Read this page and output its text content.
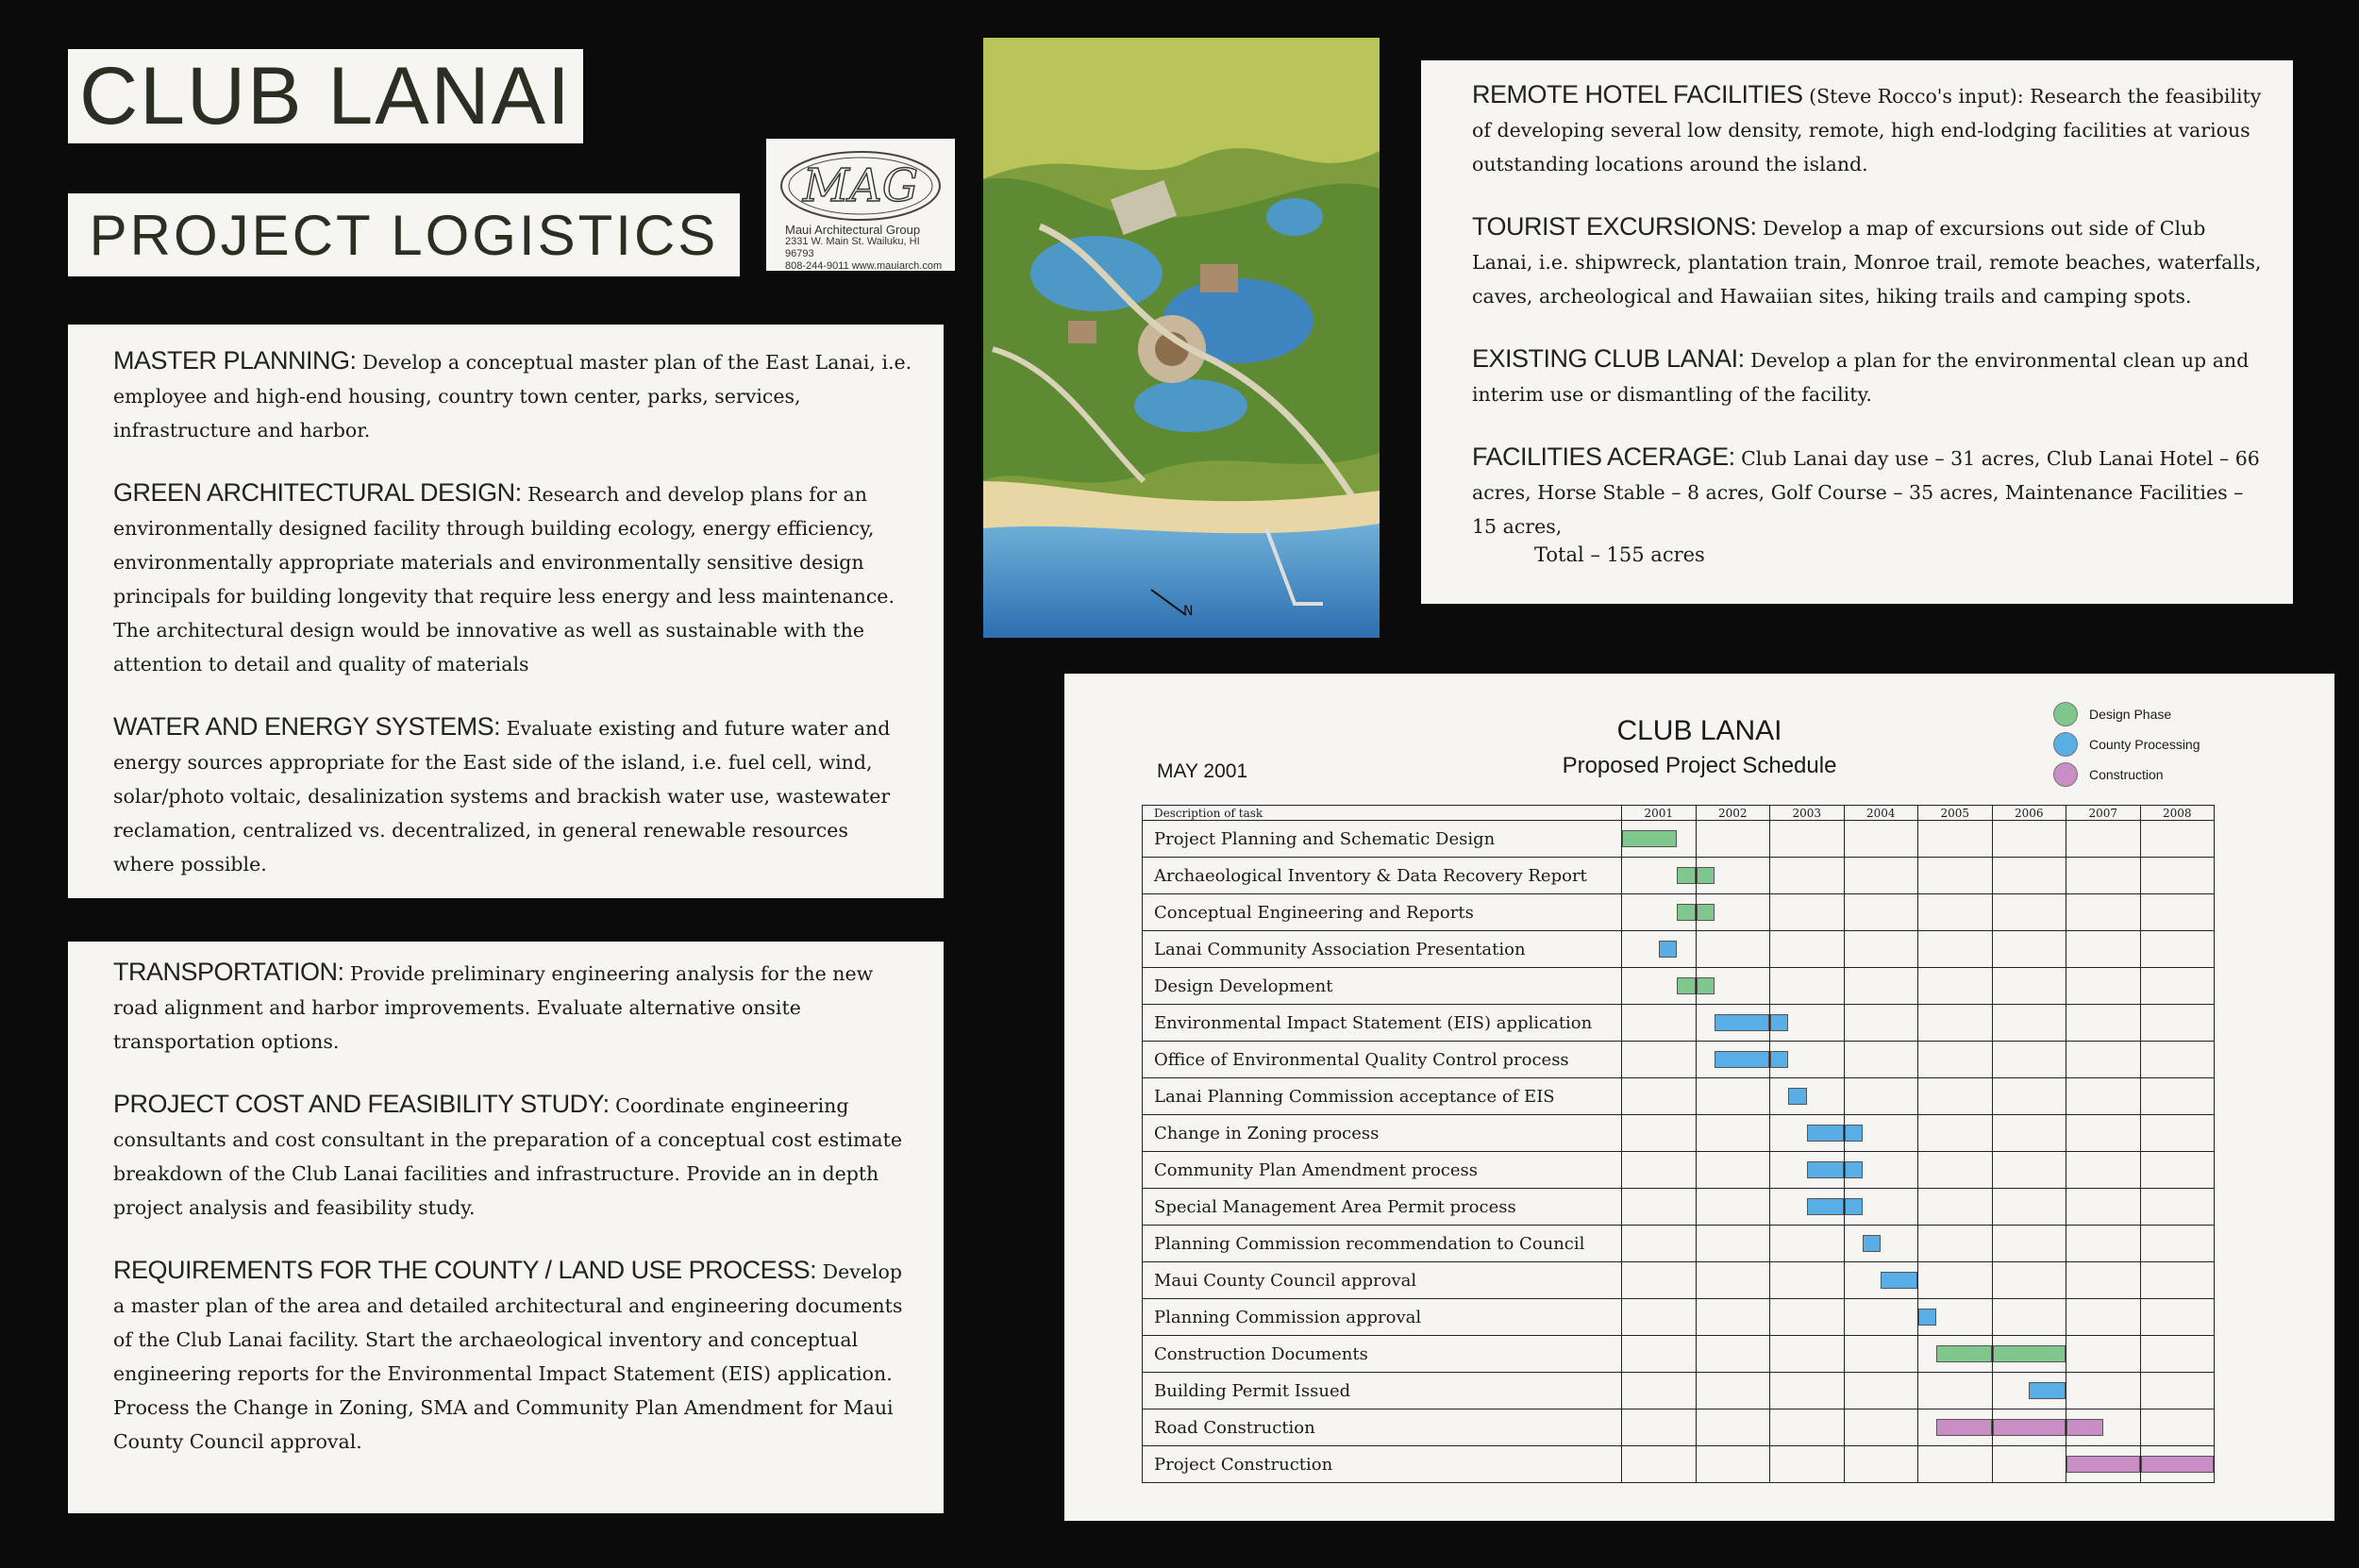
CLUB LANAI
PROJECT LOGISTICS
MAG
Maui Architectural Group
2331 W. Main St. Wailuku, HI 96793
808-244-9011 www.mauiarch.com
MASTER PLANNING: Develop a conceptual master plan of the East Lanai, i.e. employee and high-end housing, country town center, parks, services, infrastructure and harbor.
GREEN ARCHITECTURAL DESIGN: Research and develop plans for an environmentally designed facility through building ecology, energy efficiency, environmentally appropriate materials and environmentally sensitive design principals for building longevity that require less energy and less maintenance. The architectural design would be innovative as well as sustainable with the attention to detail and quality of materials
WATER AND ENERGY SYSTEMS: Evaluate existing and future water and energy sources appropriate for the East side of the island, i.e. fuel cell, wind, solar/photo voltaic, desalinization systems and brackish water use, wastewater reclamation, centralized vs. decentralized, in general renewable resources where possible.
TRANSPORTATION: Provide preliminary engineering analysis for the new road alignment and harbor improvements. Evaluate alternative onsite transportation options.
PROJECT COST AND FEASIBILITY STUDY: Coordinate engineering consultants and cost consultant in the preparation of a conceptual cost estimate breakdown of the Club Lanai facilities and infrastructure. Provide an in depth project analysis and feasibility study.
REQUIREMENTS FOR THE COUNTY / LAND USE PROCESS: Develop a master plan of the area and detailed architectural and engineering documents of the Club Lanai facility. Start the archaeological inventory and conceptual engineering reports for the Environmental Impact Statement (EIS) application. Process the Change in Zoning, SMA and Community Plan Amendment for Maui County Council approval.
N
REMOTE HOTEL FACILITIES (Steve Rocco's input): Research the feasibility of developing several low density, remote, high end-lodging facilities at various outstanding locations around the island.
TOURIST EXCURSIONS: Develop a map of excursions out side of Club Lanai, i.e. shipwreck, plantation train, Monroe trail, remote beaches, waterfalls, caves, archeological and Hawaiian sites, hiking trails and camping spots.
EXISTING CLUB LANAI: Develop a plan for the environmental clean up and interim use or dismantling of the facility.
FACILITIES ACERAGE: Club Lanai day use – 31 acres, Club Lanai Hotel – 66 acres, Horse Stable – 8 acres, Golf Course – 35 acres, Maintenance Facilities – 15 acres,
Total – 155 acres
CLUB LANAI
Proposed Project Schedule
MAY 2001
Design Phase
County Processing
Construction
Description of task	2001	2002	2003	2004	2005	2006	2007	2008
Project Planning and Schematic Design	

Archaeological Inventory & Data Recovery Report	

Conceptual Engineering and Reports	

Lanai Community Association Presentation	

Design Development	

Environmental Impact Statement (EIS) application		

Office of Environmental Quality Control process		

Lanai Planning Commission acceptance of EIS			

Change in Zoning process			

Community Plan Amendment process			

Special Management Area Permit process			

Planning Commission recommendation to Council				

Maui County Council approval				

Planning Commission approval					

Construction Documents					

Building Permit Issued						

Road Construction					

Project Construction							
